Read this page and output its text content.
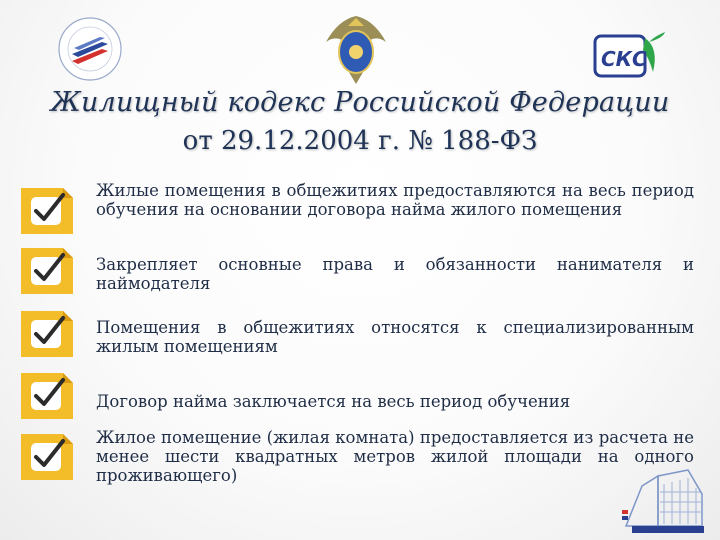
СКС
Жилищный кодекс Российской Федерации
от 29.12.2004 г. № 188-ФЗ
Жилые помещения в общежитиях предоставляются на весь период обучения на основании договора найма жилого помещения
Закрепляет основные права и обязанности нанимателя и наймодателя
Помещения в общежитиях относятся к специализированным жилым помещениям
Договор найма заключается на весь период обучения
Жилое помещение (жилая комната) предоставляется из расчета не менее шести квадратных метров жилой площади на одного проживающего)
